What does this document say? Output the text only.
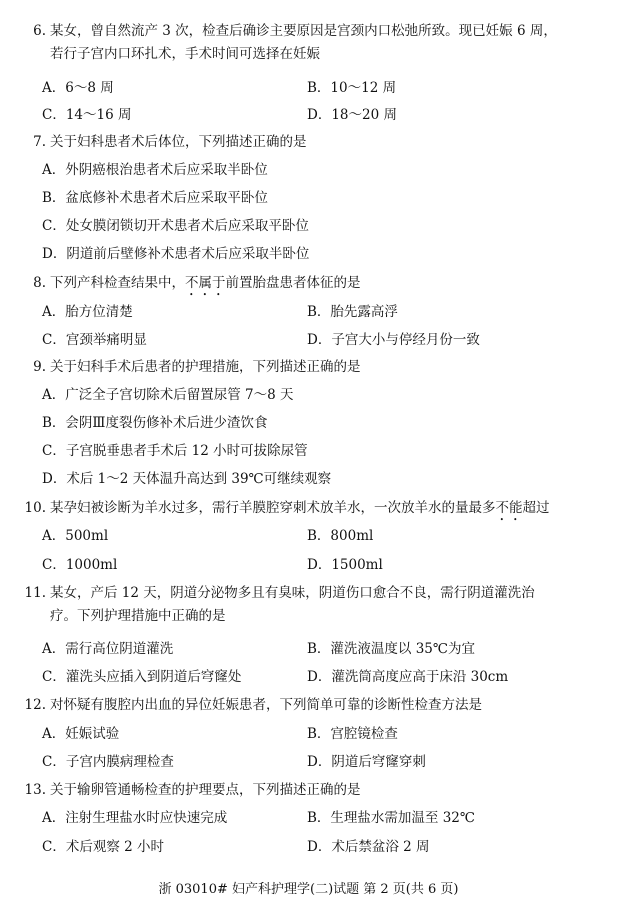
6. 某女，曾自然流产 3 次，检查后确诊主要原因是宫颈内口松弛所致。现已妊娠 6 周，
若行子宫内口环扎术，手术时间可选择在妊娠
A．6～8 周	B．10～12 周
C．14～16 周	D．18～20 周
7. 关于妇科患者术后体位，下列描述正确的是
A．外阴癌根治患者术后应采取半卧位
B．盆底修补术患者术后应采取平卧位
C．处女膜闭锁切开术患者术后应采取平卧位
D．阴道前后壁修补术患者术后应采取半卧位
8. 下列产科检查结果中，不属于前置胎盘患者体征的是
A．胎方位清楚	B．胎先露高浮
C．宫颈举痛明显	D．子宫大小与停经月份一致
9. 关于妇科手术后患者的护理措施，下列描述正确的是
A．广泛全子宫切除术后留置尿管 7～8 天
B．会阴Ⅲ度裂伤修补术后进少渣饮食
C．子宫脱垂患者手术后 12 小时可拔除尿管
D．术后 1～2 天体温升高达到 39℃可继续观察
10. 某孕妇被诊断为羊水过多，需行羊膜腔穿刺术放羊水，一次放羊水的量最多不能超过
A．500ml	B．800ml
C．1000ml	D．1500ml
11. 某女，产后 12 天，阴道分泌物多且有臭味，阴道伤口愈合不良，需行阴道灌洗治
疗。下列护理措施中正确的是
A．需行高位阴道灌洗	B．灌洗液温度以 35℃为宜
C．灌洗头应插入到阴道后穹窿处	D．灌洗筒高度应高于床沿 30cm
12. 对怀疑有腹腔内出血的异位妊娠患者，下列简单可靠的诊断性检查方法是
A．妊娠试验	B．宫腔镜检查
C．子宫内膜病理检查	D．阴道后穹窿穿刺
13. 关于输卵管通畅检查的护理要点，下列描述正确的是
A．注射生理盐水时应快速完成	B．生理盐水需加温至 32℃
C．术后观察 2 小时	D．术后禁盆浴 2 周
浙 03010# 妇产科护理学(二)试题 第 2 页(共 6 页)
